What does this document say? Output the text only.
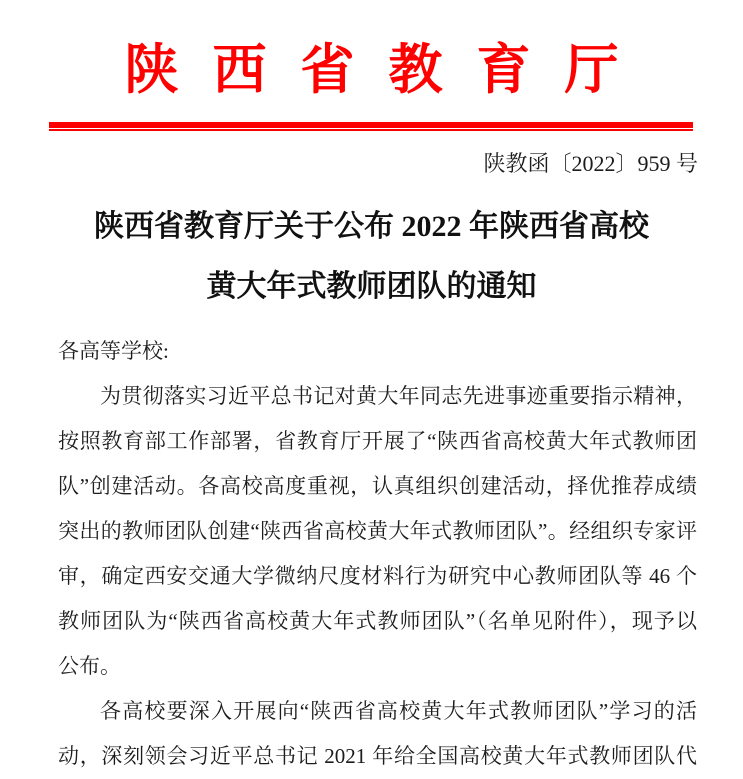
陕西省教育厅
陕教函〔2022〕959 号
陕西省教育厅关于公布 2022 年陕西省高校
黄大年式教师团队的通知
各高等学校:
为贯彻落实习近平总书记对黄大年同志先进事迹重要指示精神，
按照教育部工作部署，省教育厅开展了“陕西省高校黄大年式教师团
队”创建活动。各高校高度重视，认真组织创建活动，择优推荐成绩
突出的教师团队创建“陕西省高校黄大年式教师团队”。经组织专家评
审，确定西安交通大学微纳尺度材料行为研究中心教师团队等 46 个
教师团队为“陕西省高校黄大年式教师团队”（名单见附件），现予以
公布。
各高校要深入开展向“陕西省高校黄大年式教师团队”学习的活
动，深刻领会习近平总书记 2021 年给全国高校黄大年式教师团队代
